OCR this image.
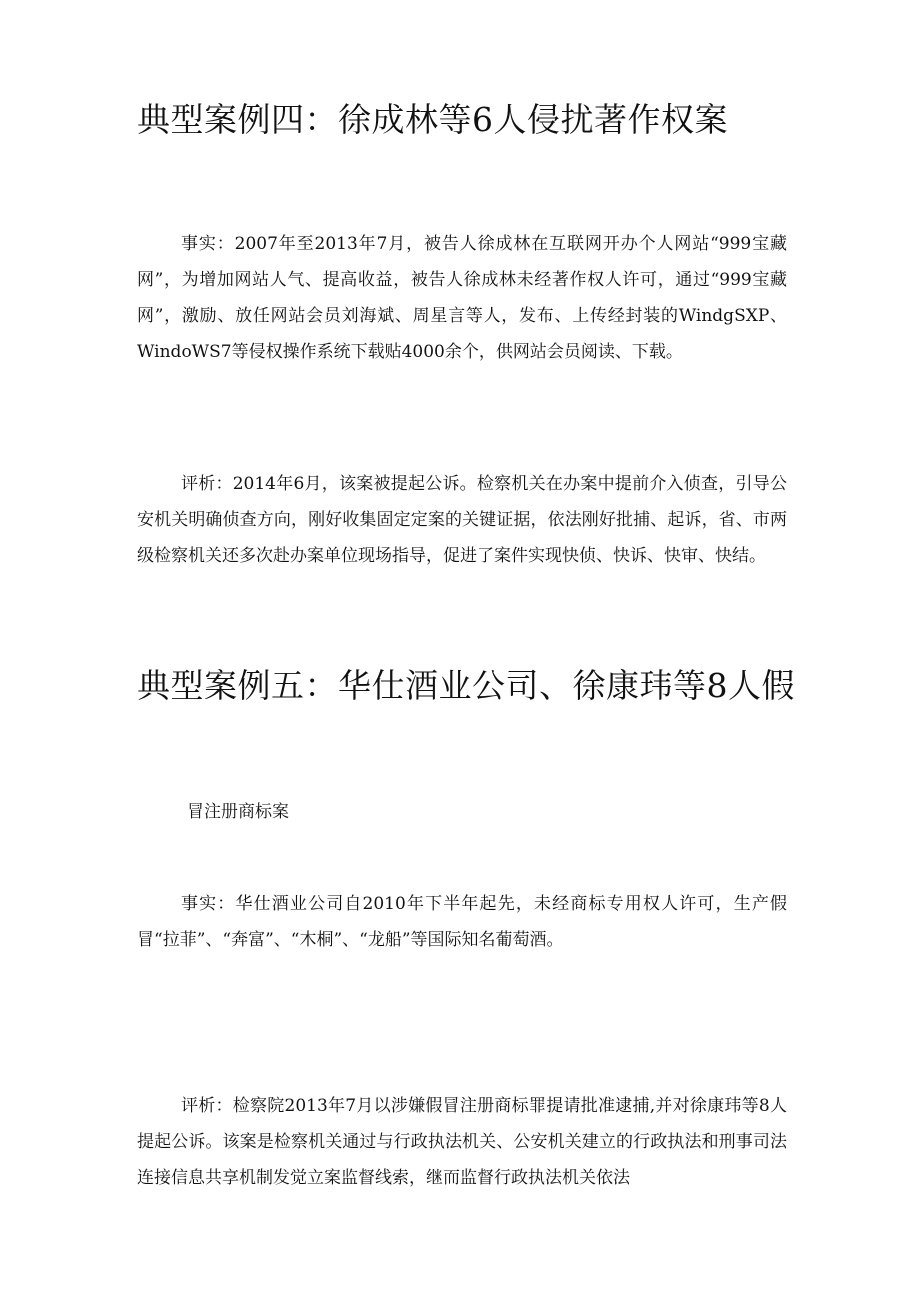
典型案例四：徐成林等6人侵扰著作权案

事实：2007年至2013年7月，被告人徐成林在互联网开办个人网站“999宝藏网”，为增加网站人气、提高收益，被告人徐成林未经著作权人许可，通过“999宝藏网”，激励、放任网站会员刘海斌、周星言等人，发布、上传经封装的WindgSXP、WindoWS7等侵权操作系统下载贴4000余个，供网站会员阅读、下载。

评析：2014年6月，该案被提起公诉。检察机关在办案中提前介入侦查，引导公安机关明确侦查方向，刚好收集固定定案的关键证据，依法刚好批捕、起诉，省、市两级检察机关还多次赴办案单位现场指导，促进了案件实现快侦、快诉、快审、快结。

典型案例五：华仕酒业公司、徐康玮等8人假

冒注册商标案

事实：华仕酒业公司自2010年下半年起先，未经商标专用权人许可，生产假冒“拉菲”、“奔富”、“木桐”、“龙船”等国际知名葡萄酒。

评析：检察院2013年7月以涉嫌假冒注册商标罪提请批准逮捕,并对徐康玮等8人提起公诉。该案是检察机关通过与行政执法机关、公安机关建立的行政执法和刑事司法连接信息共享机制发觉立案监督线索，继而监督行政执法机关依法
